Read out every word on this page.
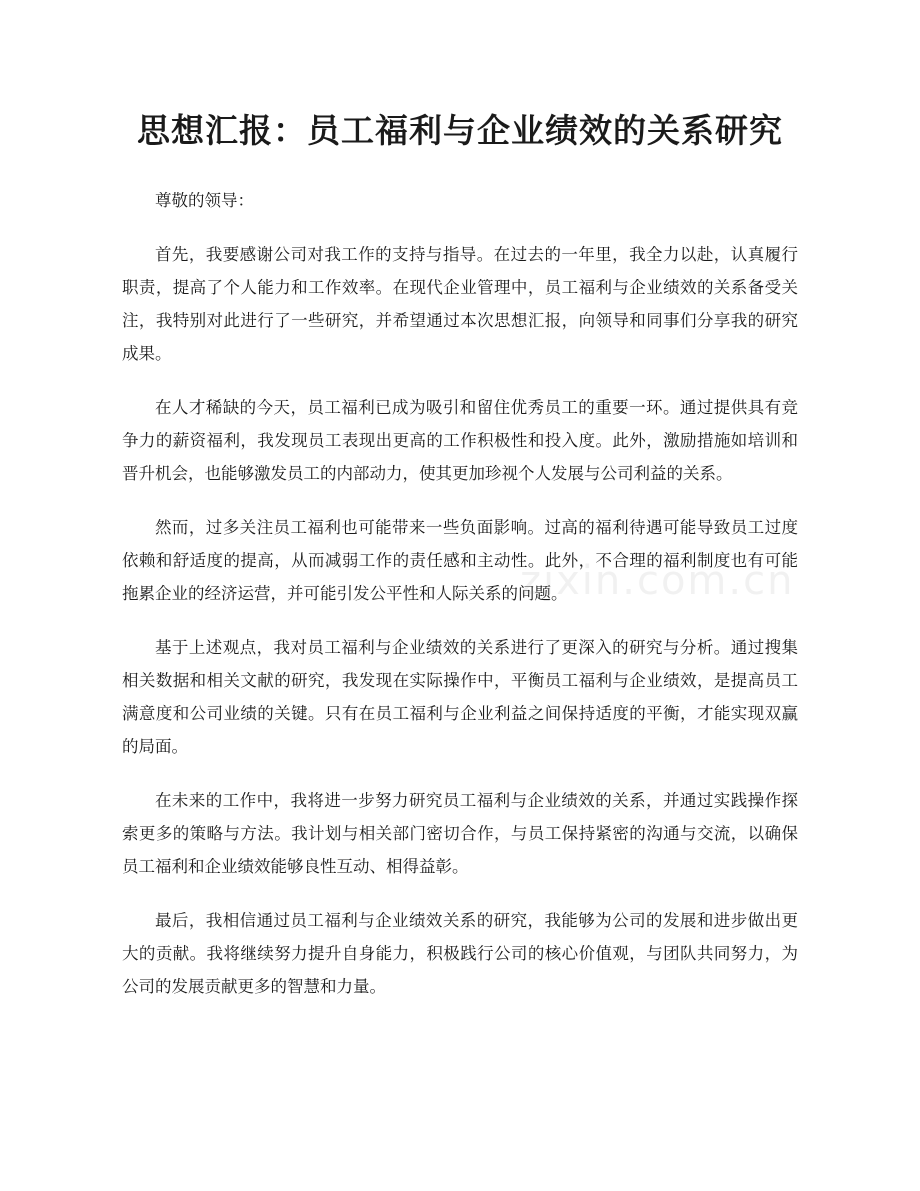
思想汇报：员工福利与企业绩效的关系研究

尊敬的领导：

首先，我要感谢公司对我工作的支持与指导。在过去的一年里，我全力以赴，认真履行职责，提高了个人能力和工作效率。在现代企业管理中，员工福利与企业绩效的关系备受关注，我特别对此进行了一些研究，并希望通过本次思想汇报，向领导和同事们分享我的研究成果。

在人才稀缺的今天，员工福利已成为吸引和留住优秀员工的重要一环。通过提供具有竞争力的薪资福利，我发现员工表现出更高的工作积极性和投入度。此外，激励措施如培训和晋升机会，也能够激发员工的内部动力，使其更加珍视个人发展与公司利益的关系。

然而，过多关注员工福利也可能带来一些负面影响。过高的福利待遇可能导致员工过度依赖和舒适度的提高，从而减弱工作的责任感和主动性。此外，不合理的福利制度也有可能拖累企业的经济运营，并可能引发公平性和人际关系的问题。

基于上述观点，我对员工福利与企业绩效的关系进行了更深入的研究与分析。通过搜集相关数据和相关文献的研究，我发现在实际操作中，平衡员工福利与企业绩效，是提高员工满意度和公司业绩的关键。只有在员工福利与企业利益之间保持适度的平衡，才能实现双赢的局面。

在未来的工作中，我将进一步努力研究员工福利与企业绩效的关系，并通过实践操作探索更多的策略与方法。我计划与相关部门密切合作，与员工保持紧密的沟通与交流，以确保员工福利和企业绩效能够良性互动、相得益彰。

最后，我相信通过员工福利与企业绩效关系的研究，我能够为公司的发展和进步做出更大的贡献。我将继续努力提升自身能力，积极践行公司的核心价值观，与团队共同努力，为公司的发展贡献更多的智慧和力量。

zixin.com.cn
